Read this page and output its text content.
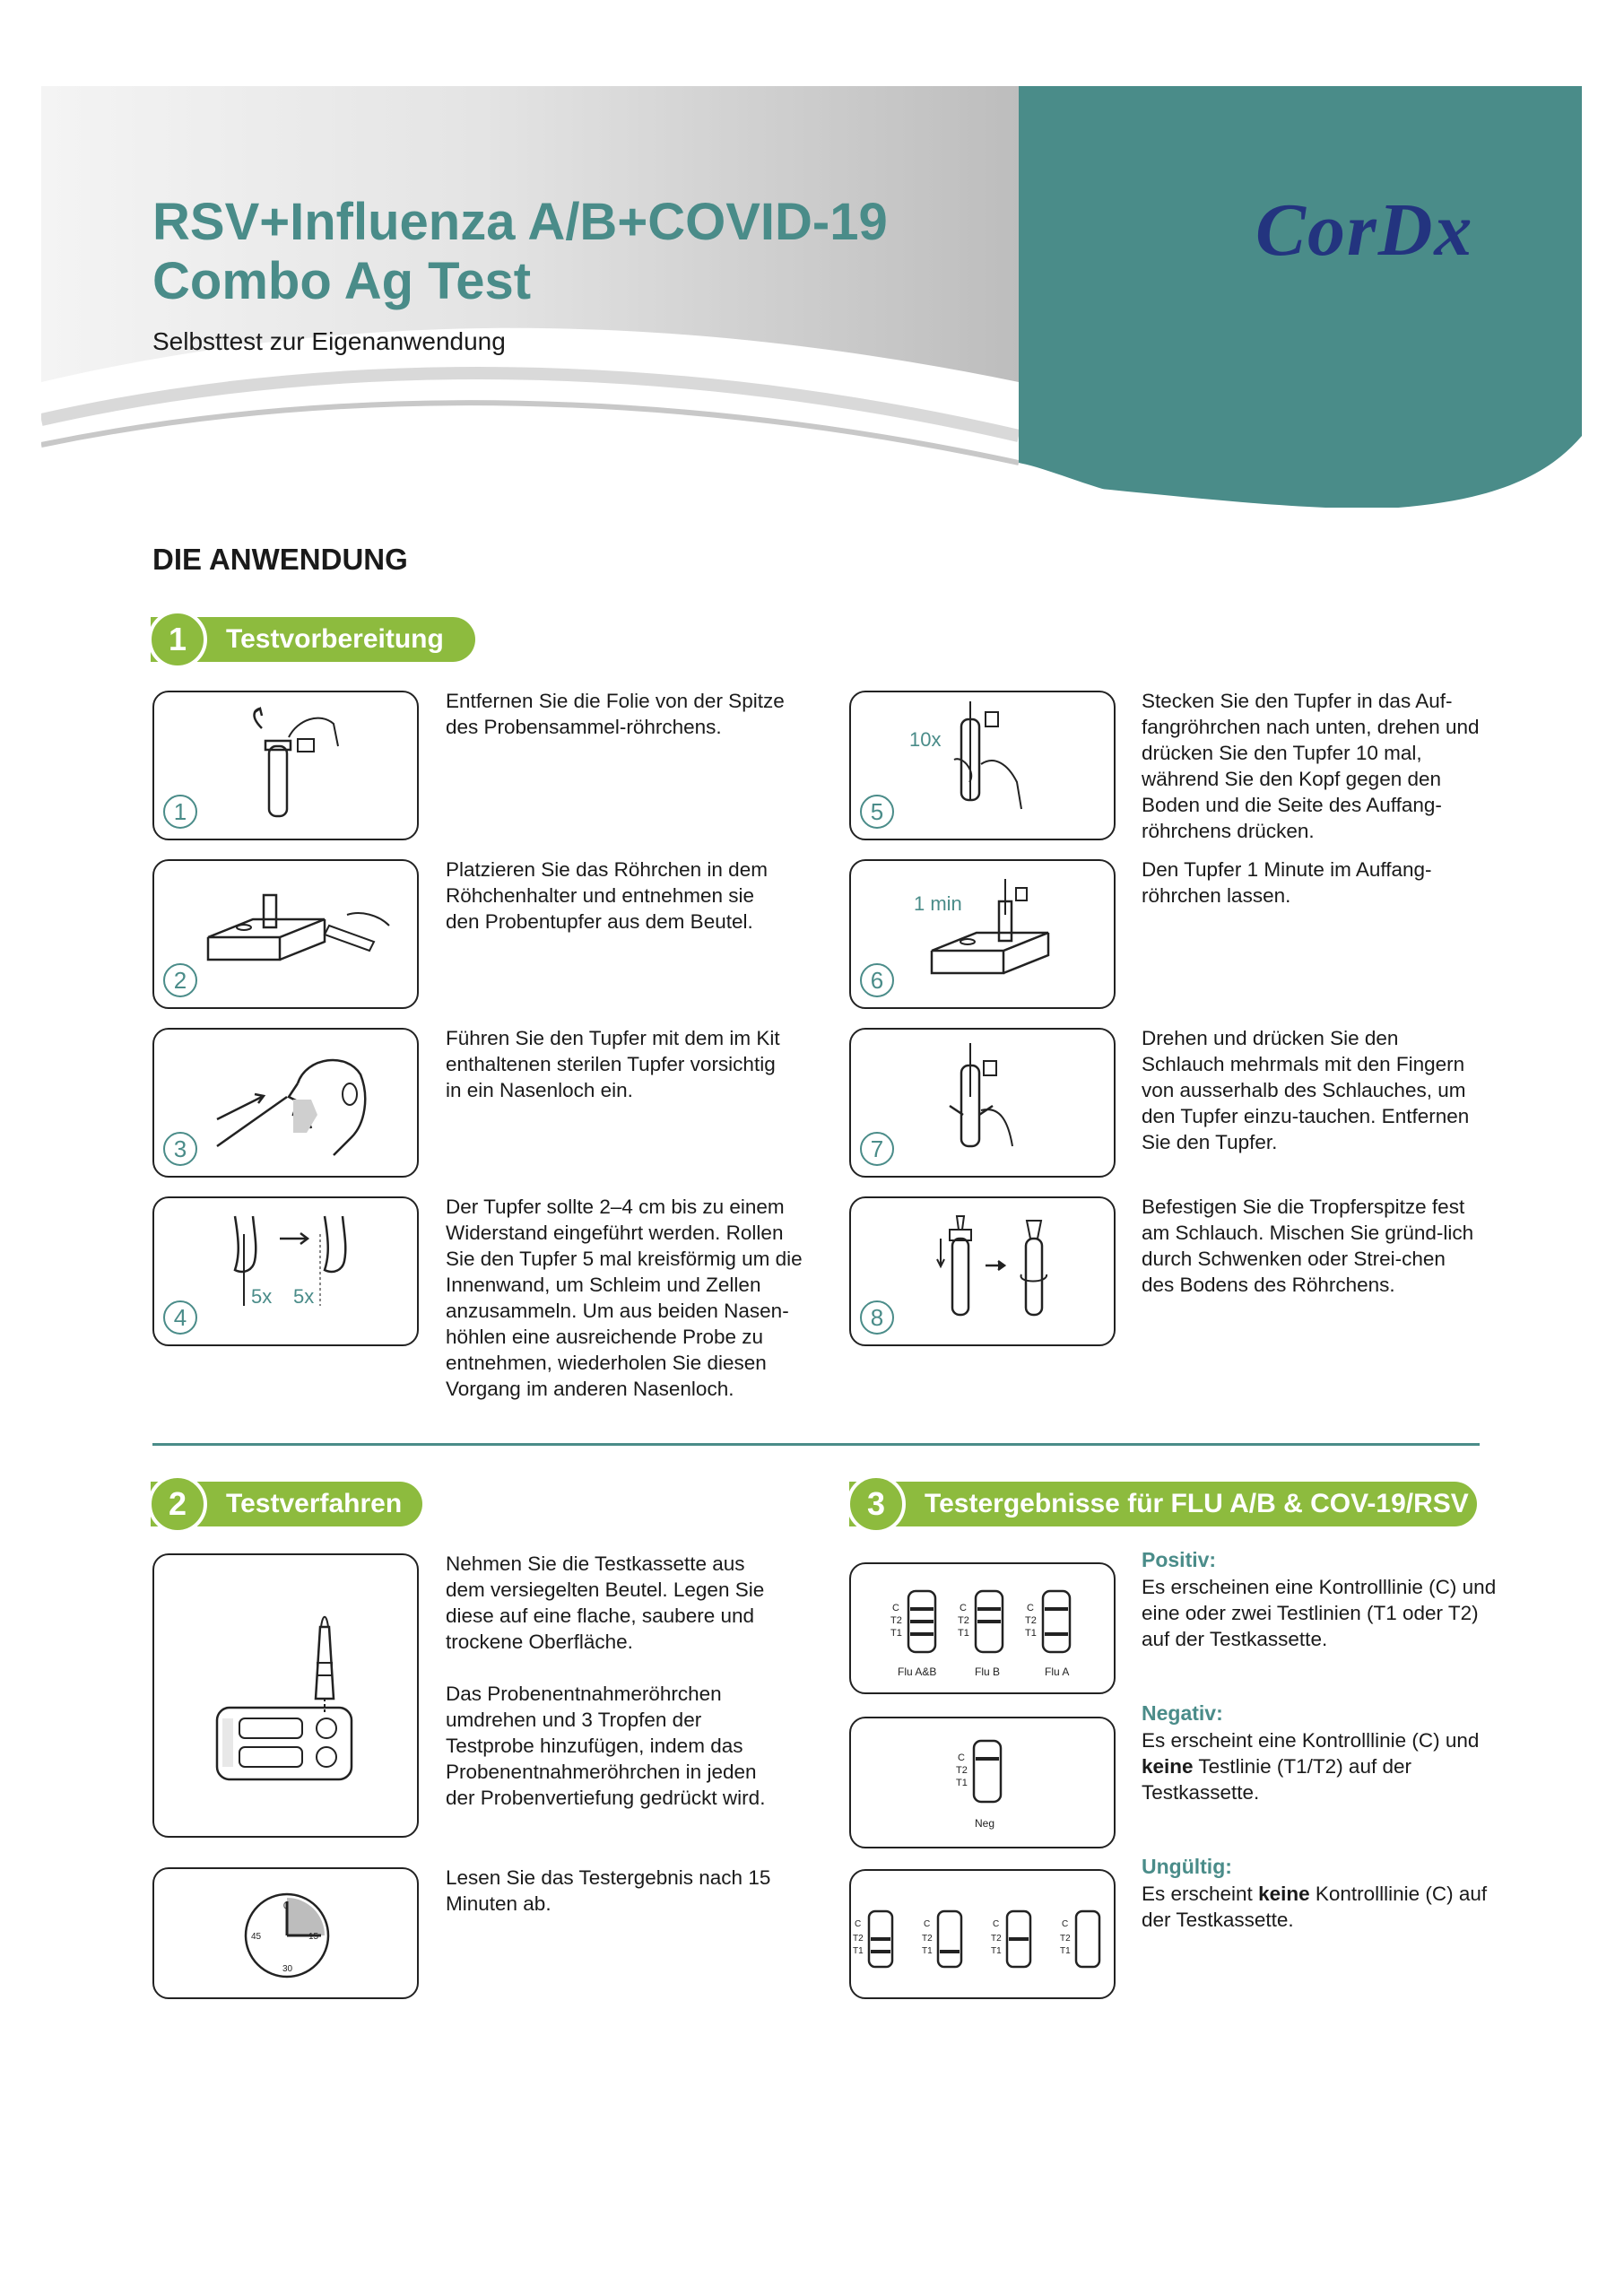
RSV+Influenza A/B+COVID-19
Combo Ag Test
Selbsttest zur Eigenanwendung
CorDx
DIE ANWENDUNG
Testvorbereitung
1
1
Entfernen Sie die Folie von der Spitze des Probensammel-röhrchens.
2
Platzieren Sie das Röhrchen in dem Röhchenhalter und entnehmen sie den Probentupfer aus dem Beutel.
3
Führen Sie den Tupfer mit dem im Kit enthaltenen sterilen Tupfer vorsichtig in ein Nasenloch ein.
5x 5x
4
Der Tupfer sollte 2–4 cm bis zu einem Widerstand eingeführt werden. Rollen Sie den Tupfer 5 mal kreisförmig um die Innenwand, um Schleim und Zellen anzusammeln. Um aus beiden Nasen-höhlen eine ausreichende Probe zu entnehmen, wiederholen Sie diesen Vorgang im anderen Nasenloch.
10x
5
Stecken Sie den Tupfer in das Auf-fangröhrchen nach unten, drehen und drücken Sie den Tupfer 10 mal, während Sie den Kopf gegen den Boden und die Seite des Auffang-röhrchens drücken.
1 min
6
Den Tupfer 1 Minute im Auffang-röhrchen lassen.
7
Drehen und drücken Sie den Schlauch mehrmals mit den Fingern von ausserhalb des Schlauches, um den Tupfer einzu-tauchen. Entfernen Sie den Tupfer.
8
Befestigen Sie die Tropferspitze fest am Schlauch. Mischen Sie gründ-lich durch Schwenken oder Strei-chen des Bodens des Röhrchens.
Testverfahren
2	Testergebnisse für FLU A/B & COV-19/RSV
3
Nehmen Sie die Testkassette aus dem versiegelten Beutel. Legen Sie diese auf eine flache, saubere und trockene Oberfläche.
Das Probenentnahmeröhrchen umdrehen und 3 Tropfen der Testprobe hinzufügen, indem das Probenentnahmeröhrchen in jeden der Probenvertiefung gedrückt wird.
0
15
30
45
Lesen Sie das Testergebnis nach 15 Minuten ab.
C
T2
T1
Flu A&B
C
T2
T1
Flu B
C
T2
T1
Flu A
Positiv:
Es erscheinen eine Kontrolllinie (C) und eine oder zwei Testlinien (T1 oder T2) auf der Testkassette.
C
T2
T1
Neg
Negativ:
Es erscheint eine Kontrolllinie (C) und keine Testlinie (T1/T2) auf der Testkassette.
C
T2
T1
C
T2
T1
C
T2
T1
C
T2
T1
Ungültig:
Es erscheint keine Kontrolllinie (C) auf der Testkassette.
